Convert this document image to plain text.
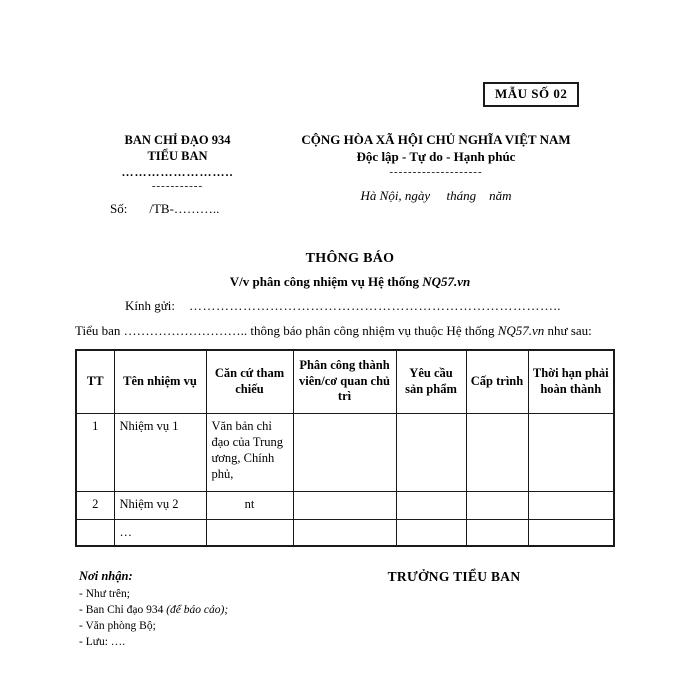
MẪU SỐ 02
BAN CHỈ ĐẠO 934
TIỂU BAN
……………………..
-----------
Số: /TB-………..
CỘNG HÒA XÃ HỘI CHỦ NGHĨA VIỆT NAM
Độc lập - Tự do - Hạnh phúc
--------------------
Hà Nội, ngày     tháng    năm
THÔNG BÁO
V/v phân công nhiệm vụ Hệ thống NQ57.vn
Kính gửi: ………………………………………………………………………..
Tiểu ban ……………………….. thông báo phân công nhiệm vụ thuộc Hệ thống NQ57.vn như sau:
TT	Tên nhiệm vụ	Căn cứ tham chiếu	Phân công thành viên/cơ quan chủ trì	Yêu cầu sản phẩm	Cấp trình	Thời hạn phải hoàn thành
1	Nhiệm vụ 1	Văn bản chỉ đạo của Trung ương, Chính phủ,				
2	Nhiệm vụ 2	nt				
	…					
Nơi nhận:
- Như trên;
- Ban Chỉ đạo 934 (để báo cáo);
- Văn phòng Bộ;
- Lưu: ….
TRƯỞNG TIỂU BAN
